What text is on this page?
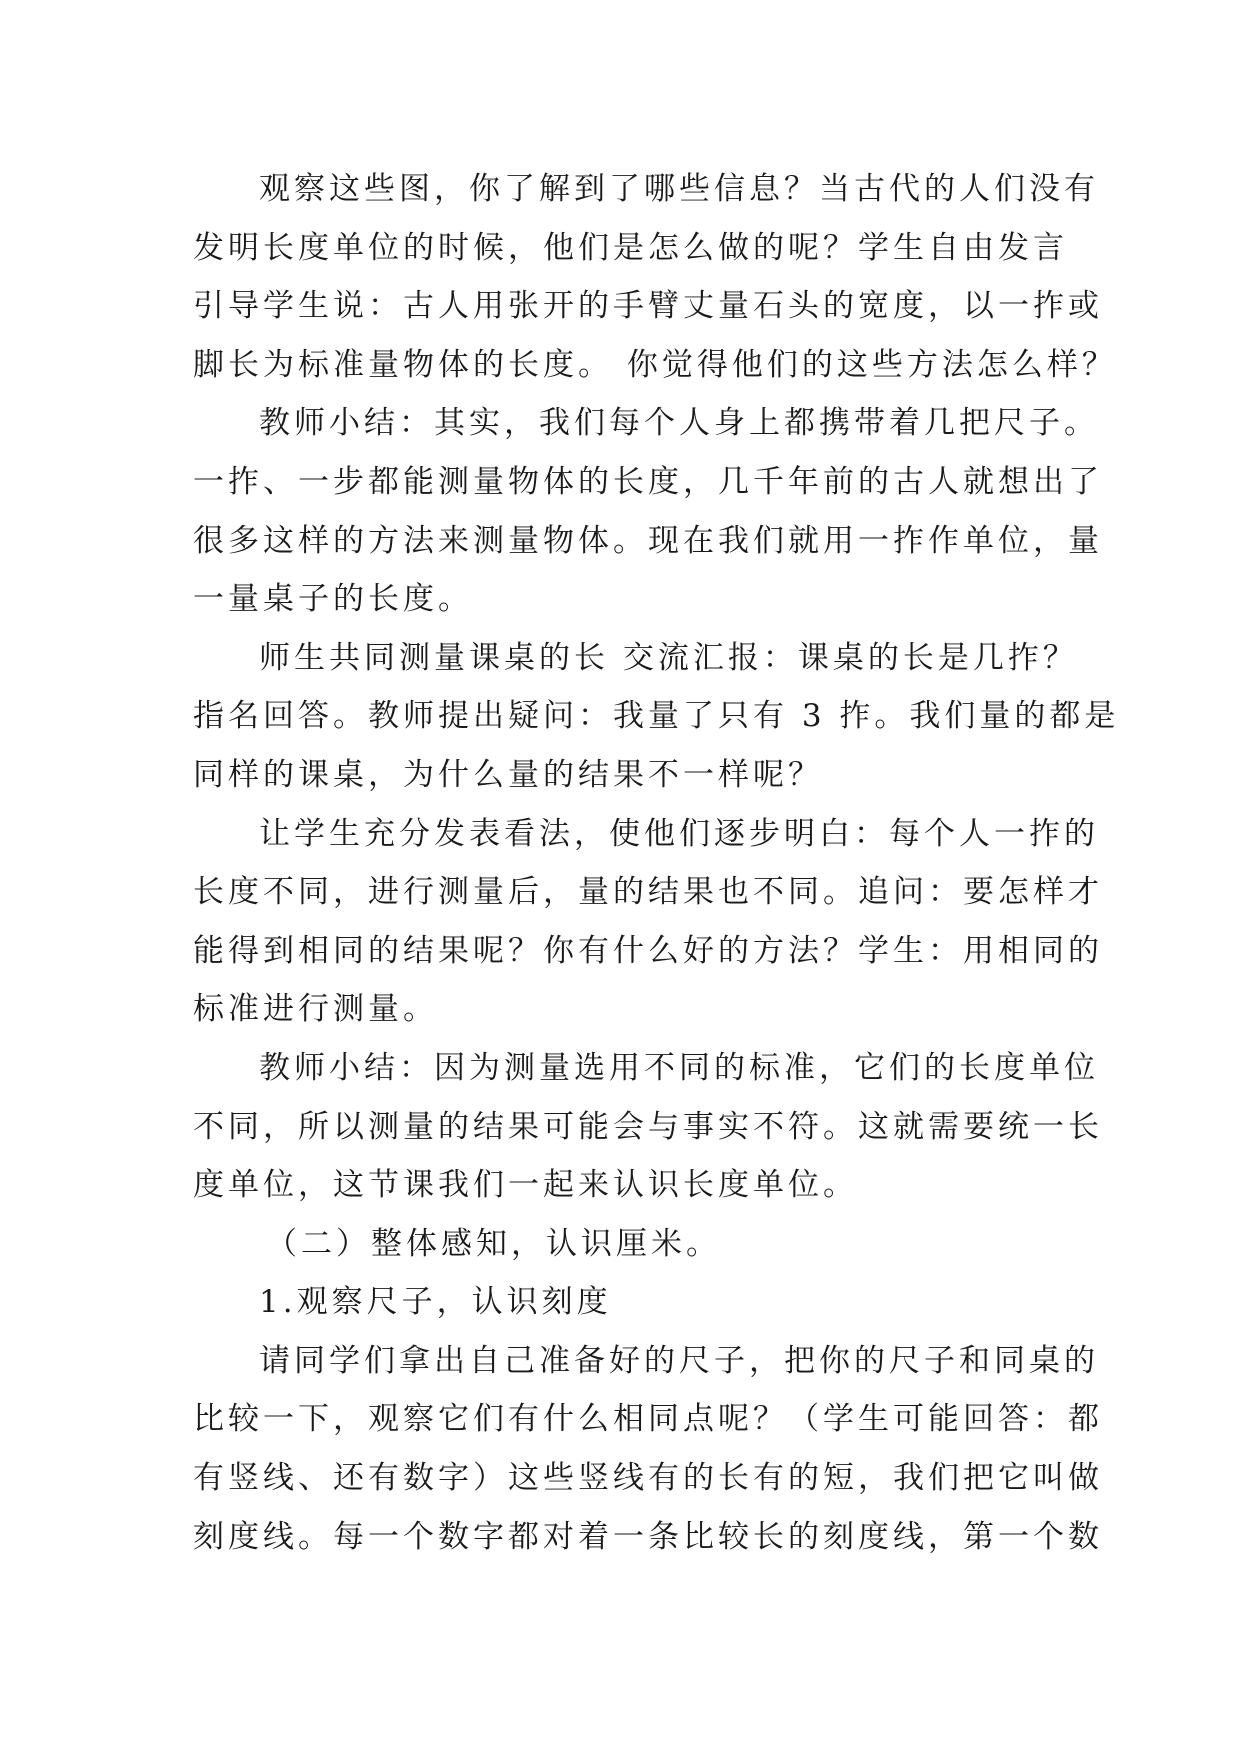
观察这些图，你了解到了哪些信息？当古代的人们没有
发明长度单位的时候，他们是怎么做的呢？学生自由发言
引导学生说：古人用张开的手臂丈量石头的宽度，以一拃或
脚长为标准量物体的长度。 你觉得他们的这些方法怎么样？
教师小结：其实，我们每个人身上都携带着几把尺子。
一拃、一步都能测量物体的长度，几千年前的古人就想出了
很多这样的方法来测量物体。现在我们就用一拃作单位，量
一量桌子的长度。
师生共同测量课桌的长 交流汇报：课桌的长是几拃？
指名回答。教师提出疑问：我量了只有 3 拃。我们量的都是
同样的课桌，为什么量的结果不一样呢？
让学生充分发表看法，使他们逐步明白：每个人一拃的
长度不同，进行测量后，量的结果也不同。追问：要怎样才
能得到相同的结果呢？你有什么好的方法？学生：用相同的
标准进行测量。
教师小结：因为测量选用不同的标准，它们的长度单位
不同，所以测量的结果可能会与事实不符。这就需要统一长
度单位，这节课我们一起来认识长度单位。
（二）整体感知，认识厘米。
1.观察尺子，认识刻度
请同学们拿出自己准备好的尺子，把你的尺子和同桌的
比较一下，观察它们有什么相同点呢？（学生可能回答：都
有竖线、还有数字）这些竖线有的长有的短，我们把它叫做
刻度线。每一个数字都对着一条比较长的刻度线，第一个数
